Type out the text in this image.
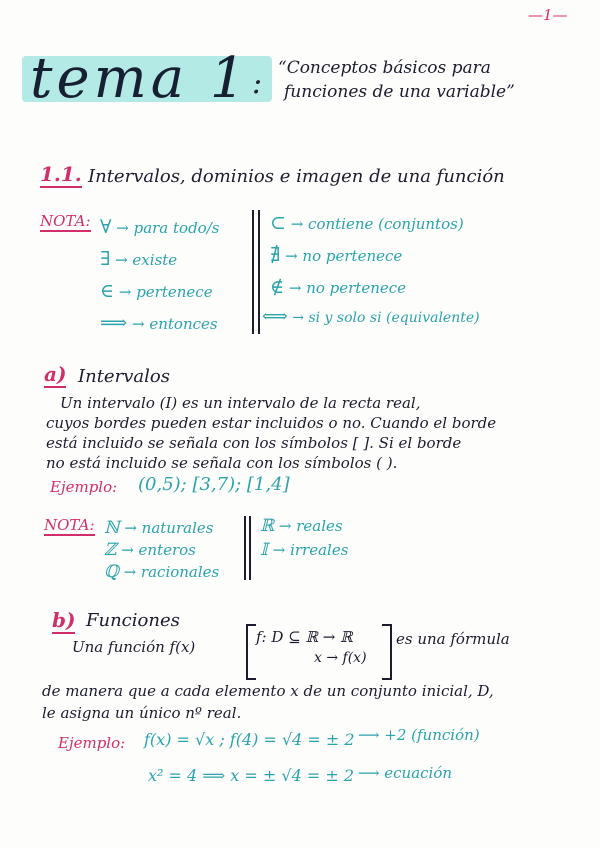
—1—
tema 1 : “Conceptos básicos para
funciones de una variable”
1.1. Intervalos, dominios e imagen de una función
NOTA: ∀ → para todo/s
∃ → existe
∈ → pertenece
⟹ → entonces
⊂ → contiene (conjuntos)
∄ → no pertenece
∉ → no pertenece
⟺ → si y solo si (equivalente)
a) Intervalos
Un intervalo (I) es un intervalo de la recta real,
cuyos bordes pueden estar incluidos o no. Cuando el borde
está incluido se señala con los símbolos [ ]. Si el borde
no está incluido se señala con los símbolos ( ).
Ejemplo: (0,5); [3,7); [1,4]
NOTA: ℕ → naturales
ℤ → enteros
ℚ → racionales
ℝ → reales
𝕀 → irreales
b) Funciones
Una función f(x)
f: D ⊆ ℝ → ℝ
x → f(x)
es una fórmula
de manera que a cada elemento x de un conjunto inicial, D,
le asigna un único nº real.
Ejemplo: f(x) = √x ; f(4) = √4 = ± 2 ⟶ +2 (función)
x² = 4 ⟹ x = ± √4 = ± 2 ⟶ ecuación
